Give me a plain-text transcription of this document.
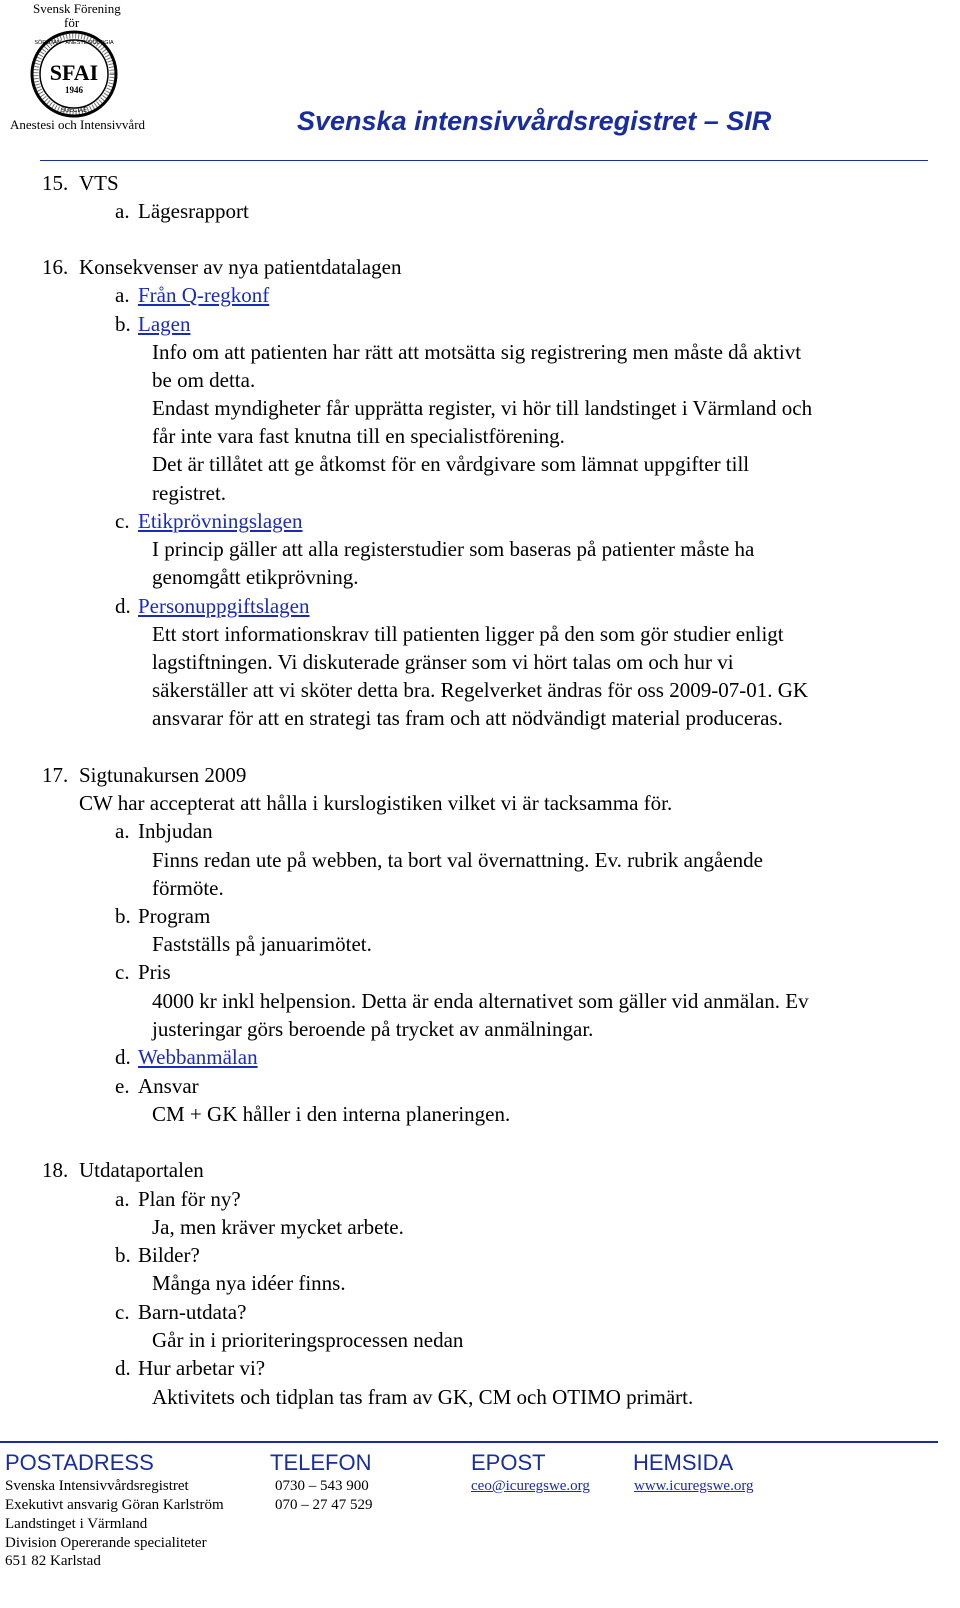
Svensk Förening
för
SÖRUTAN · ANESTESIOLOGIA
SFAI
1946
SUECIAE
Anestesi och Intensivvård	Svenska intensivvårdsregistret – SIR
15. VTS
a. Lägesrapport
16. Konsekvenser av nya patientdatalagen
a. Från Q-regkonf
b. Lagen
Info om att patienten har rätt att motsätta sig registrering men måste då aktivt
be om detta.
Endast myndigheter får upprätta register, vi hör till landstinget i Värmland och
får inte vara fast knutna till en specialistförening.
Det är tillåtet att ge åtkomst för en vårdgivare som lämnat uppgifter till
registret.
c. Etikprövningslagen
I princip gäller att alla registerstudier som baseras på patienter måste ha
genomgått etikprövning.
d. Personuppgiftslagen
Ett stort informationskrav till patienten ligger på den som gör studier enligt
lagstiftningen. Vi diskuterade gränser som vi hört talas om och hur vi
säkerställer att vi sköter detta bra. Regelverket ändras för oss 2009-07-01. GK
ansvarar för att en strategi tas fram och att nödvändigt material produceras.
17. Sigtunakursen 2009
CW har accepterat att hålla i kurslogistiken vilket vi är tacksamma för.
a. Inbjudan
Finns redan ute på webben, ta bort val övernattning. Ev. rubrik angående
förmöte.
b. Program
Fastställs på januarimötet.
c. Pris
4000 kr inkl helpension. Detta är enda alternativet som gäller vid anmälan. Ev
justeringar görs beroende på trycket av anmälningar.
d. Webbanmälan
e. Ansvar
CM + GK håller i den interna planeringen.
18. Utdataportalen
a. Plan för ny?
Ja, men kräver mycket arbete.
b. Bilder?
Många nya idéer finns.
c. Barn-utdata?
Går in i prioriteringsprocessen nedan
d. Hur arbetar vi?
Aktivitets och tidplan tas fram av GK, CM och OTIMO primärt.
POSTADRESS	TELEFON	EPOST	HEMSIDA
Svenska Intensivvårdsregistret
Exekutivt ansvarig Göran Karlström
Landstinget i Värmland
Division Opererande specialiteter
651 82 Karlstad
0730 – 543 900
070 – 27 47 529
ceo@icuregswe.org	www.icuregswe.org
